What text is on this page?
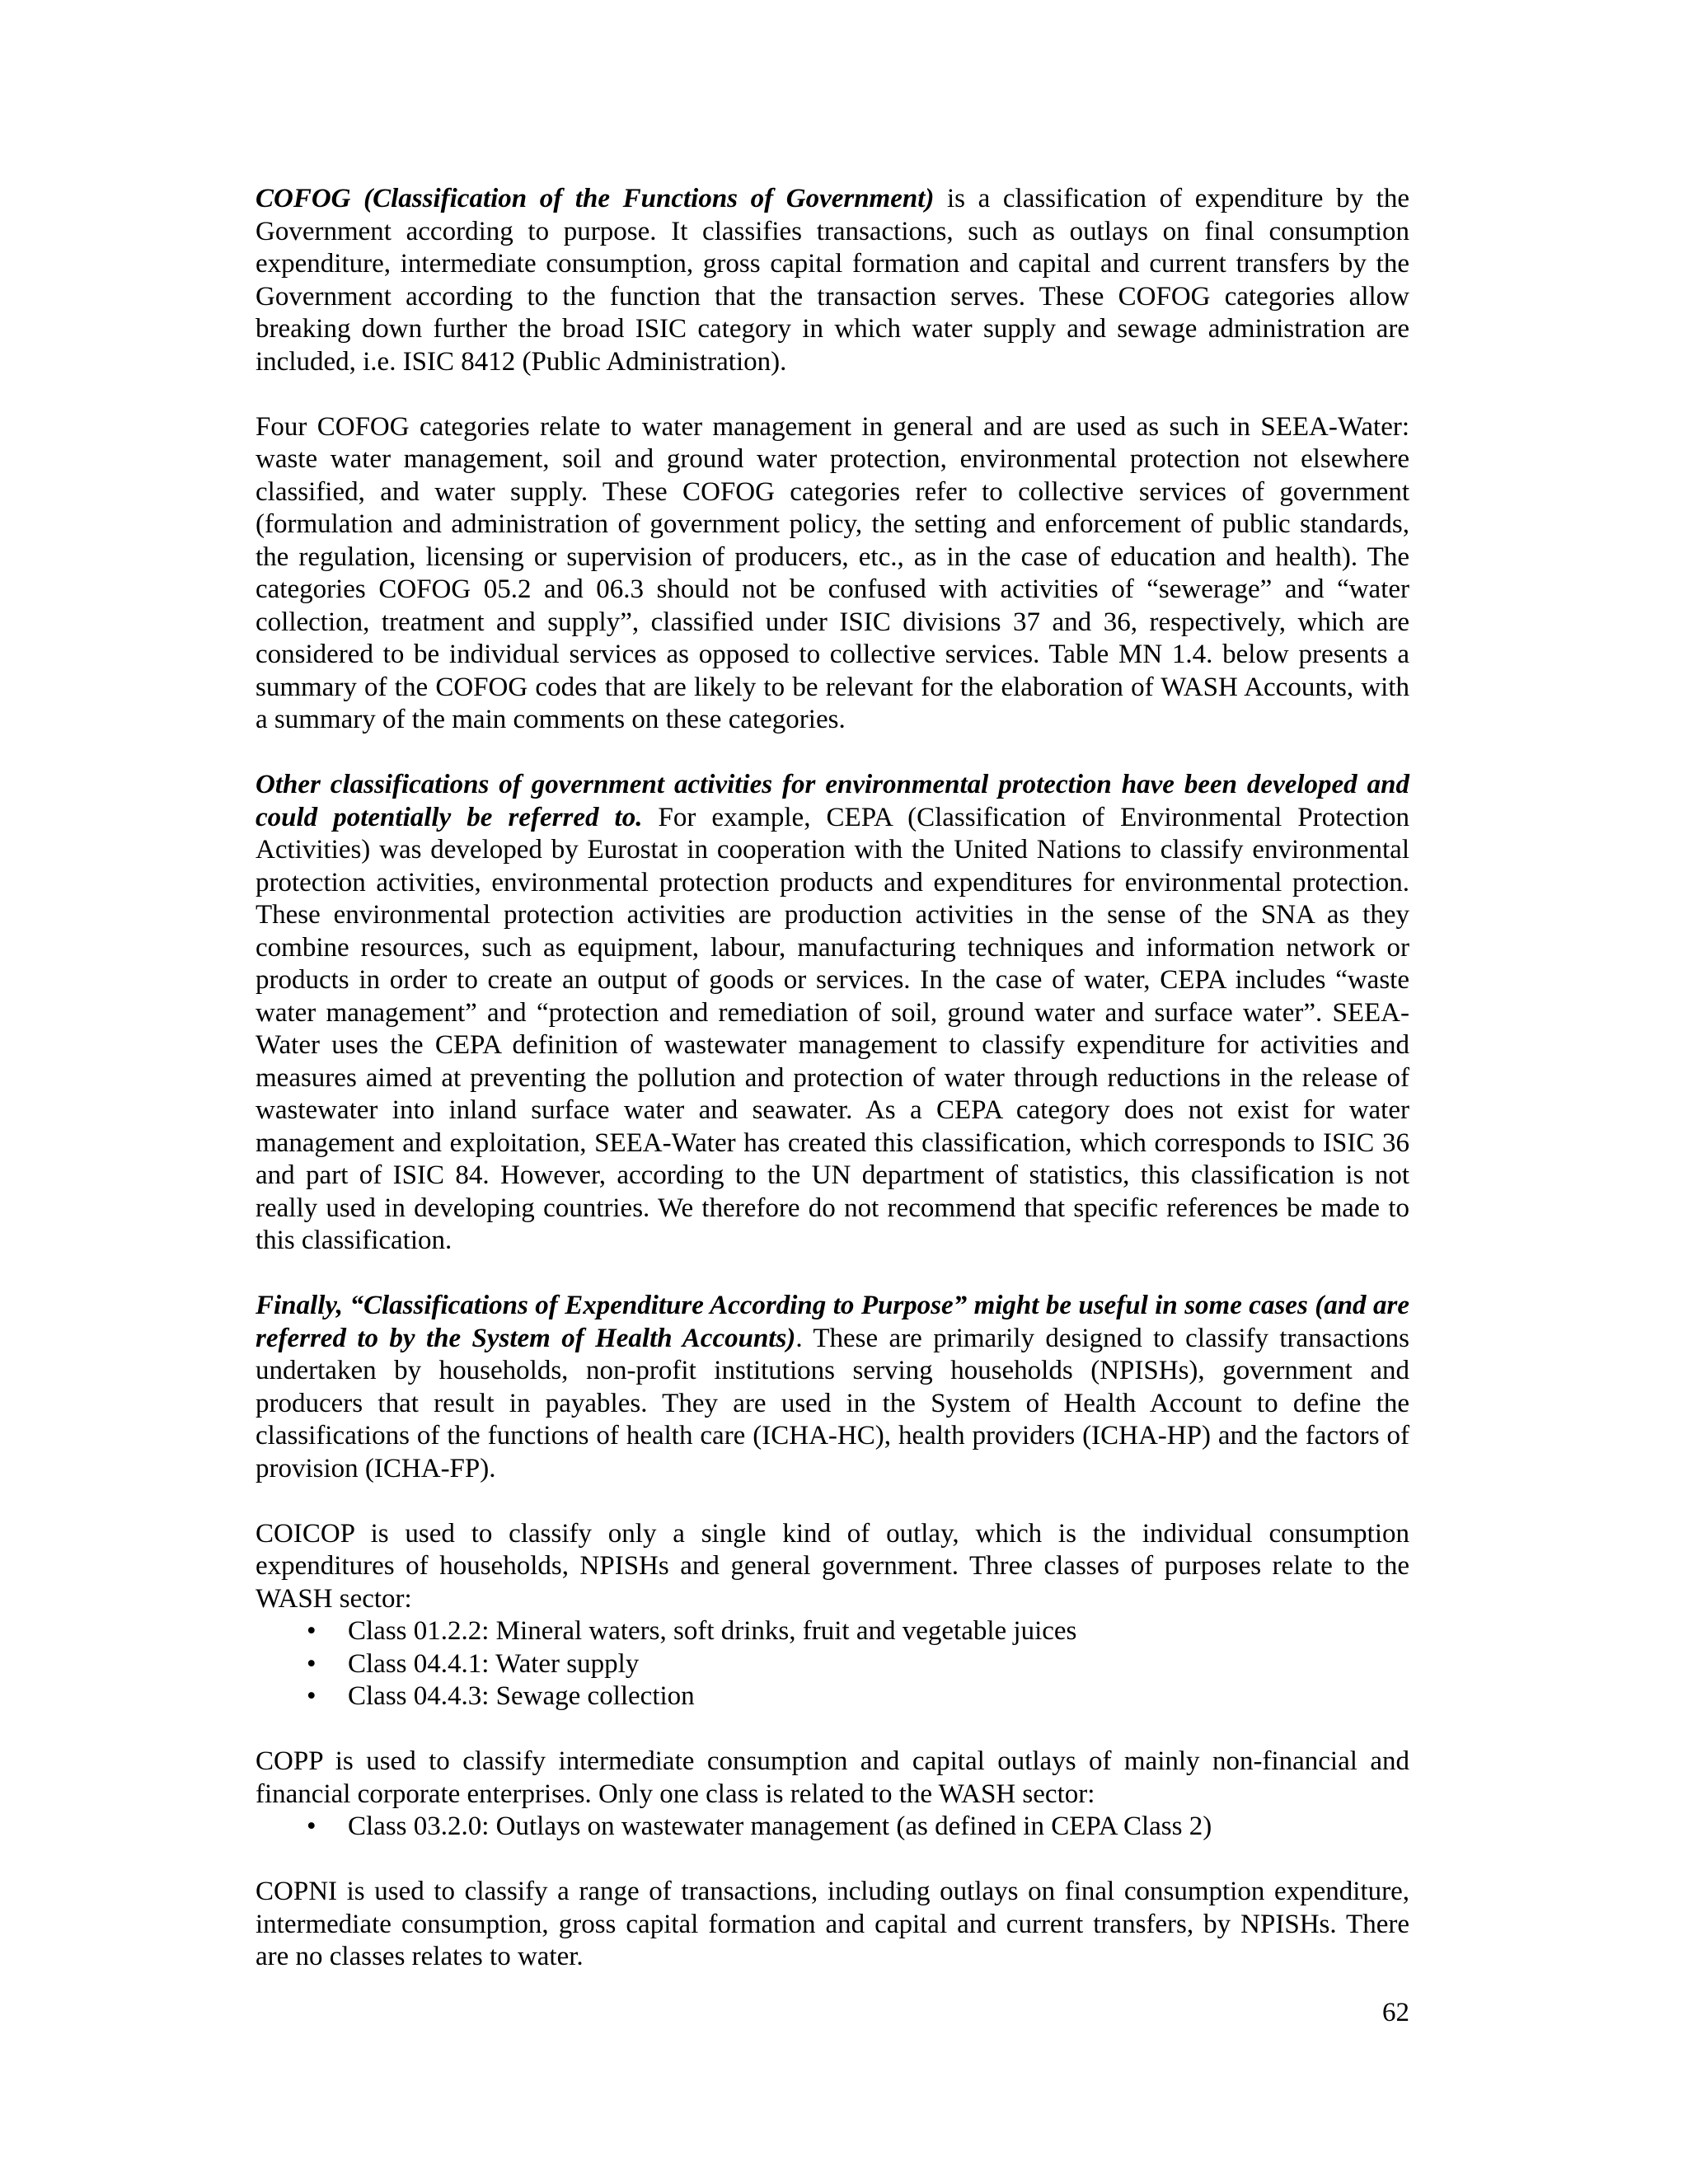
COFOG (Classification of the Functions of Government) is a classification of expenditure by the Government according to purpose. It classifies transactions, such as outlays on final consumption expenditure, intermediate consumption, gross capital formation and capital and current transfers by the Government according to the function that the transaction serves. These COFOG categories allow breaking down further the broad ISIC category in which water supply and sewage administration are included, i.e. ISIC 8412 (Public Administration).

Four COFOG categories relate to water management in general and are used as such in SEEA-Water: waste water management, soil and ground water protection, environmental protection not elsewhere classified, and water supply. These COFOG categories refer to collective services of government (formulation and administration of government policy, the setting and enforcement of public standards, the regulation, licensing or supervision of producers, etc., as in the case of education and health). The categories COFOG 05.2 and 06.3 should not be confused with activities of “sewerage” and “water collection, treatment and supply”, classified under ISIC divisions 37 and 36, respectively, which are considered to be individual services as opposed to collective services. Table MN 1.4. below presents a summary of the COFOG codes that are likely to be relevant for the elaboration of WASH Accounts, with a summary of the main comments on these categories.

Other classifications of government activities for environmental protection have been developed and could potentially be referred to. For example, CEPA (Classification of Environmental Protection Activities) was developed by Eurostat in cooperation with the United Nations to classify environmental protection activities, environmental protection products and expenditures for environmental protection. These environmental protection activities are production activities in the sense of the SNA as they combine resources, such as equipment, labour, manufacturing techniques and information network or products in order to create an output of goods or services. In the case of water, CEPA includes “waste water management” and “protection and remediation of soil, ground water and surface water”. SEEA-Water uses the CEPA definition of wastewater management to classify expenditure for activities and measures aimed at preventing the pollution and protection of water through reductions in the release of wastewater into inland surface water and seawater. As a CEPA category does not exist for water management and exploitation, SEEA-Water has created this classification, which corresponds to ISIC 36 and part of ISIC 84. However, according to the UN department of statistics, this classification is not really used in developing countries. We therefore do not recommend that specific references be made to this classification.

Finally, “Classifications of Expenditure According to Purpose” might be useful in some cases (and are referred to by the System of Health Accounts). These are primarily designed to classify transactions undertaken by households, non-profit institutions serving households (NPISHs), government and producers that result in payables. They are used in the System of Health Account to define the classifications of the functions of health care (ICHA-HC), health providers (ICHA-HP) and the factors of provision (ICHA-FP).

COICOP is used to classify only a single kind of outlay, which is the individual consumption expenditures of households, NPISHs and general government. Three classes of purposes relate to the WASH sector:

• Class 01.2.2: Mineral waters, soft drinks, fruit and vegetable juices
• Class 04.4.1: Water supply
• Class 04.4.3: Sewage collection

COPP is used to classify intermediate consumption and capital outlays of mainly non-financial and financial corporate enterprises. Only one class is related to the WASH sector:

• Class 03.2.0: Outlays on wastewater management (as defined in CEPA Class 2)

COPNI is used to classify a range of transactions, including outlays on final consumption expenditure, intermediate consumption, gross capital formation and capital and current transfers, by NPISHs. There are no classes relates to water.

62
